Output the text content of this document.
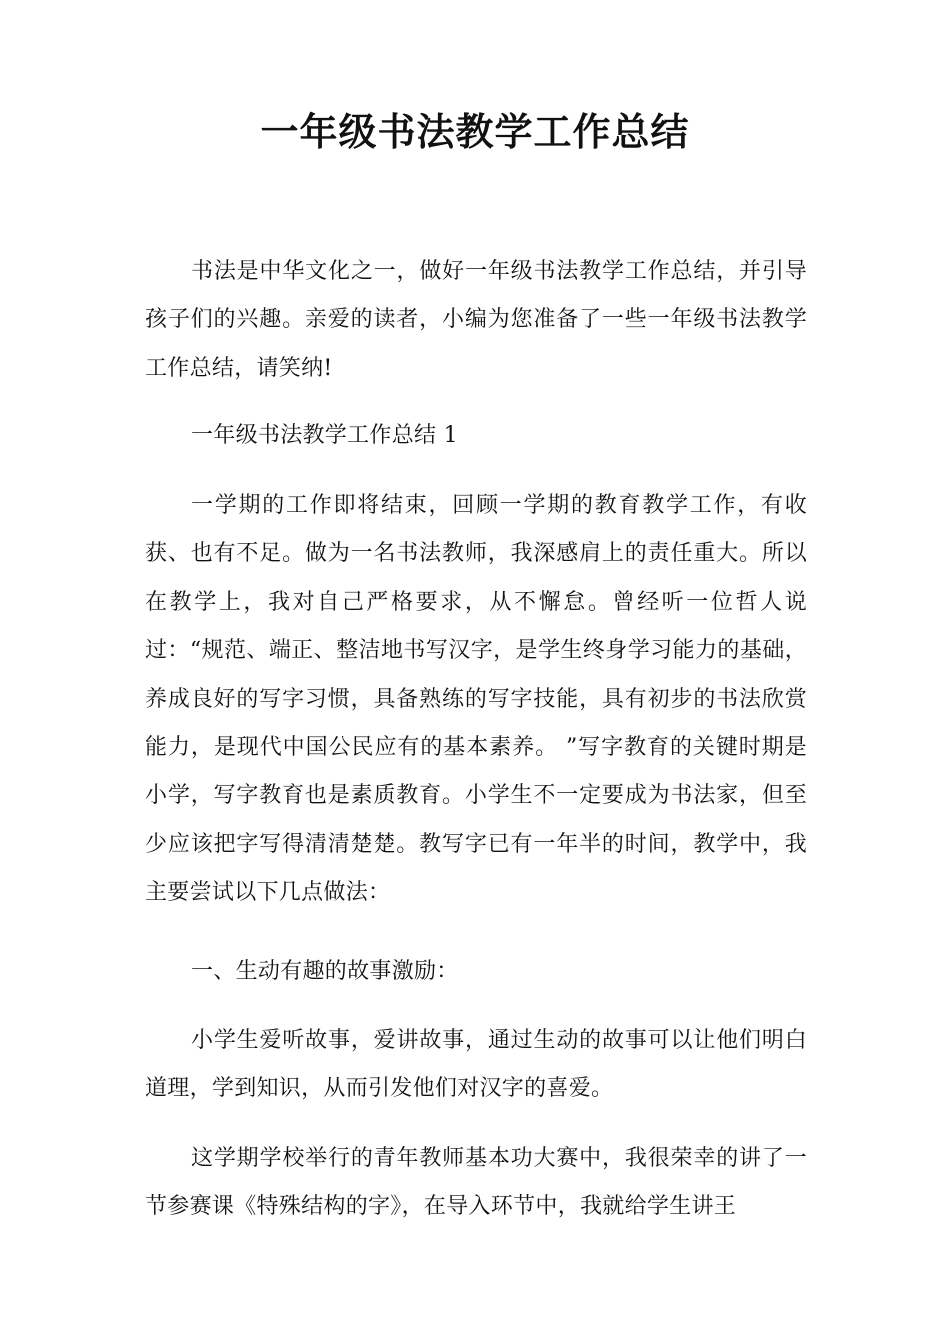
一年级书法教学工作总结

书法是中华文化之一，做好一年级书法教学工作总结，并引导孩子们的兴趣。亲爱的读者，小编为您准备了一些一年级书法教学工作总结，请笑纳!

一年级书法教学工作总结 1

一学期的工作即将结束，回顾一学期的教育教学工作，有收获、也有不足。做为一名书法教师，我深感肩上的责任重大。所以在教学上，我对自己严格要求，从不懈怠。曾经听一位哲人说过：“规范、端正、整洁地书写汉字，是学生终身学习能力的基础，养成良好的写字习惯，具备熟练的写字技能，具有初步的书法欣赏能力，是现代中国公民应有的基本素养。 ”写字教育的关键时期是小学，写字教育也是素质教育。小学生不一定要成为书法家，但至少应该把字写得清清楚楚。教写字已有一年半的时间，教学中，我主要尝试以下几点做法：

一、生动有趣的故事激励：

小学生爱听故事，爱讲故事，通过生动的故事可以让他们明白道理，学到知识，从而引发他们对汉字的喜爱。

这学期学校举行的青年教师基本功大赛中，我很荣幸的讲了一节参赛课《特殊结构的字》，在导入环节中，我就给学生讲王
